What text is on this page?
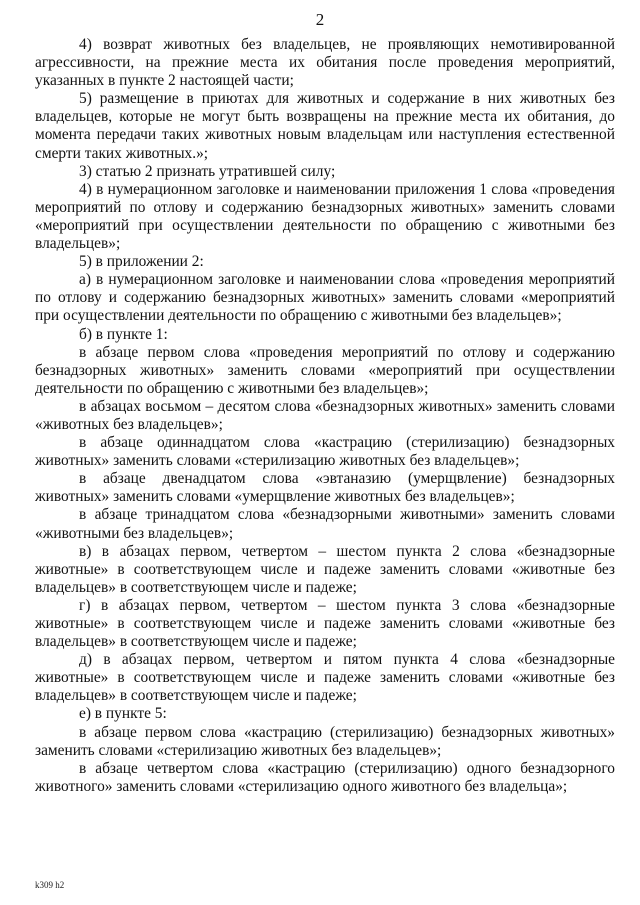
2

4) возврат животных без владельцев, не проявляющих немотивированной агрессивности, на прежние места их обитания после проведения мероприятий, указанных в пункте 2 настоящей части;

5) размещение в приютах для животных и содержание в них животных без владельцев, которые не могут быть возвращены на прежние места их обитания, до момента передачи таких животных новым владельцам или наступления естественной смерти таких животных.»;

3) статью 2 признать утратившей силу;

4) в нумерационном заголовке и наименовании приложения 1 слова «проведения мероприятий по отлову и содержанию безнадзорных животных» заменить словами «мероприятий при осуществлении деятельности по обращению с животными без владельцев»;

5) в приложении 2:

а) в нумерационном заголовке и наименовании слова «проведения мероприятий по отлову и содержанию безнадзорных животных» заменить словами «мероприятий при осуществлении деятельности по обращению с животными без владельцев»;

б) в пункте 1:

в абзаце первом слова «проведения мероприятий по отлову и содержанию безнадзорных животных» заменить словами «мероприятий при осуществлении деятельности по обращению с животными без владельцев»;

в абзацах восьмом – десятом слова «безнадзорных животных» заменить словами «животных без владельцев»;

в абзаце одиннадцатом слова «кастрацию (стерилизацию) безнадзорных животных» заменить словами «стерилизацию животных без владельцев»;

в абзаце двенадцатом слова «эвтаназию (умерщвление) безнадзорных животных» заменить словами «умерщвление животных без владельцев»;

в абзаце тринадцатом слова «безнадзорными животными» заменить словами «животными без владельцев»;

в) в абзацах первом, четвертом – шестом пункта 2 слова «безнадзорные животные» в соответствующем числе и падеже заменить словами «животные без владельцев» в соответствующем числе и падеже;

г) в абзацах первом, четвертом – шестом пункта 3 слова «безнадзорные животные» в соответствующем числе и падеже заменить словами «животные без владельцев» в соответствующем числе и падеже;

д) в абзацах первом, четвертом и пятом пункта 4 слова «безнадзорные животные» в соответствующем числе и падеже заменить словами «животные без владельцев» в соответствующем числе и падеже;

е) в пункте 5:

в абзаце первом слова «кастрацию (стерилизацию) безнадзорных животных» заменить словами «стерилизацию животных без владельцев»;

в абзаце четвертом слова «кастрацию (стерилизацию) одного безнадзорного животного» заменить словами «стерилизацию одного животного без владельца»;

k309 h2
